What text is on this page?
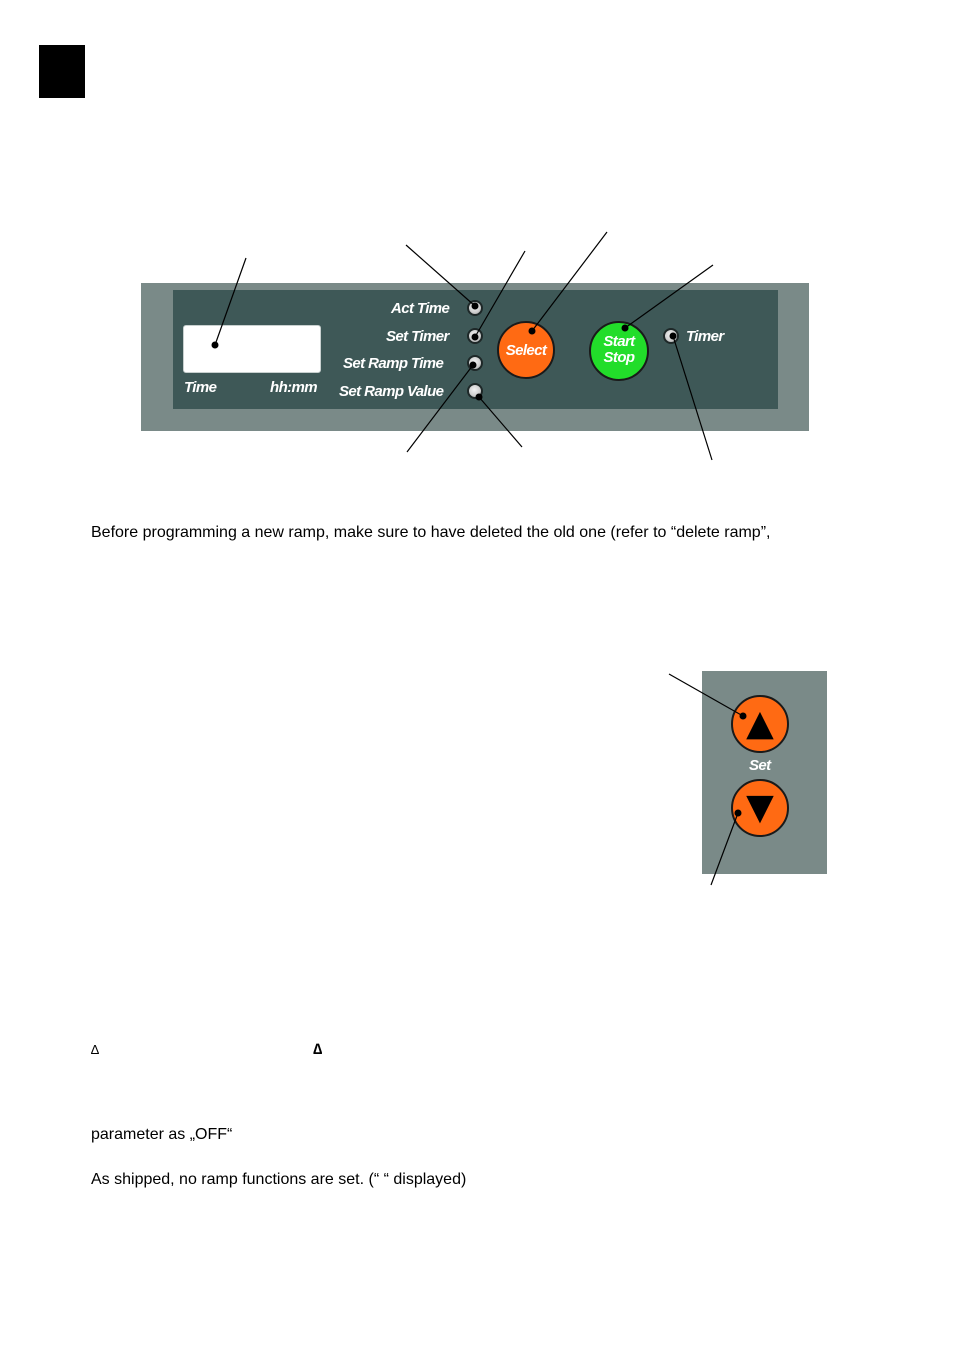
Time	hh:mm
Act Time
Set Timer
Set Ramp Time
Set Ramp Value
Select
Start
Stop
Timer
▲
Set
▼
Before programming a new ramp, make sure to have deleted the old one (refer to “delete ramp”,
∆	∆
parameter as „OFF“
As shipped, no ramp functions are set. (“ “ displayed)
